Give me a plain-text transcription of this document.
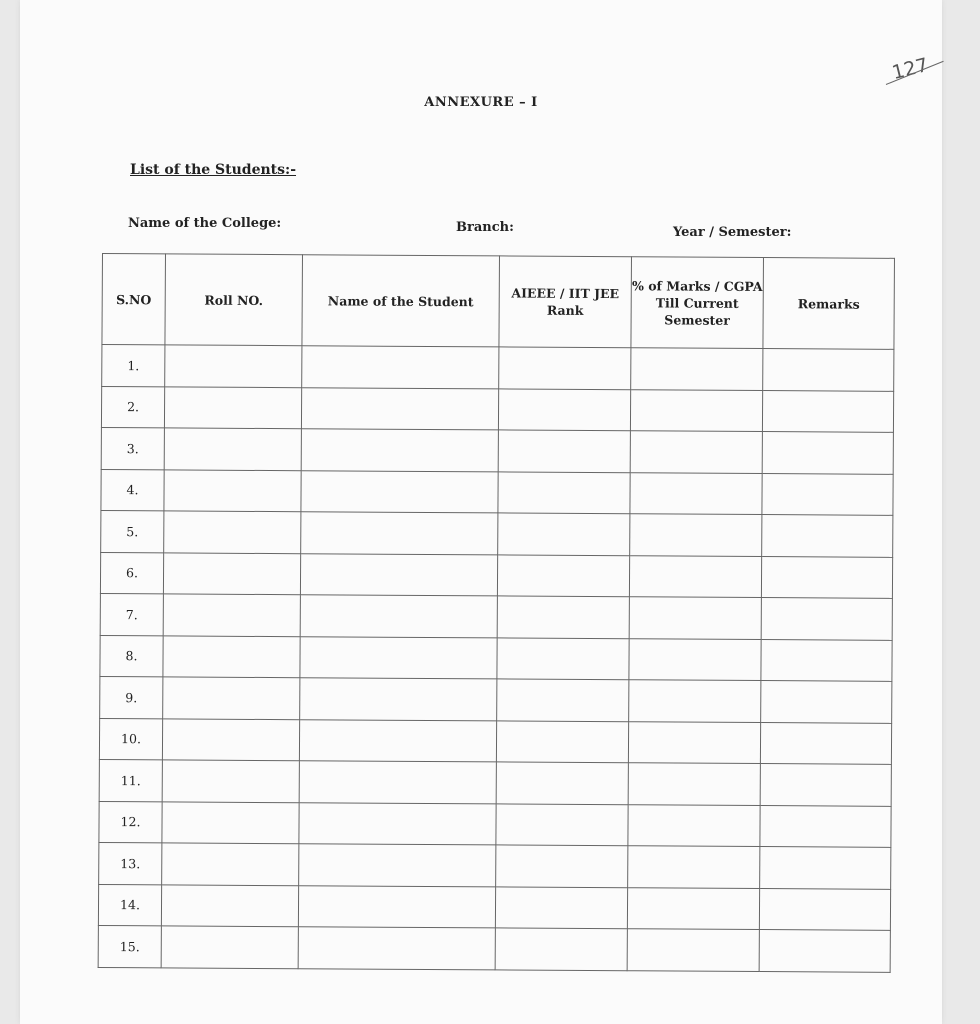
127
ANNEXURE – I
List of the Students:-
Name of the College:	Branch:	Year / Semester:
S.NO	Roll NO.	Name of the Student	AIEEE / IIT JEE Rank	% of Marks / CGPA Till Current Semester	Remarks
1.					
2.					
3.					
4.					
5.					
6.					
7.					
8.					
9.					
10.					
11.					
12.					
13.					
14.					
15.					
